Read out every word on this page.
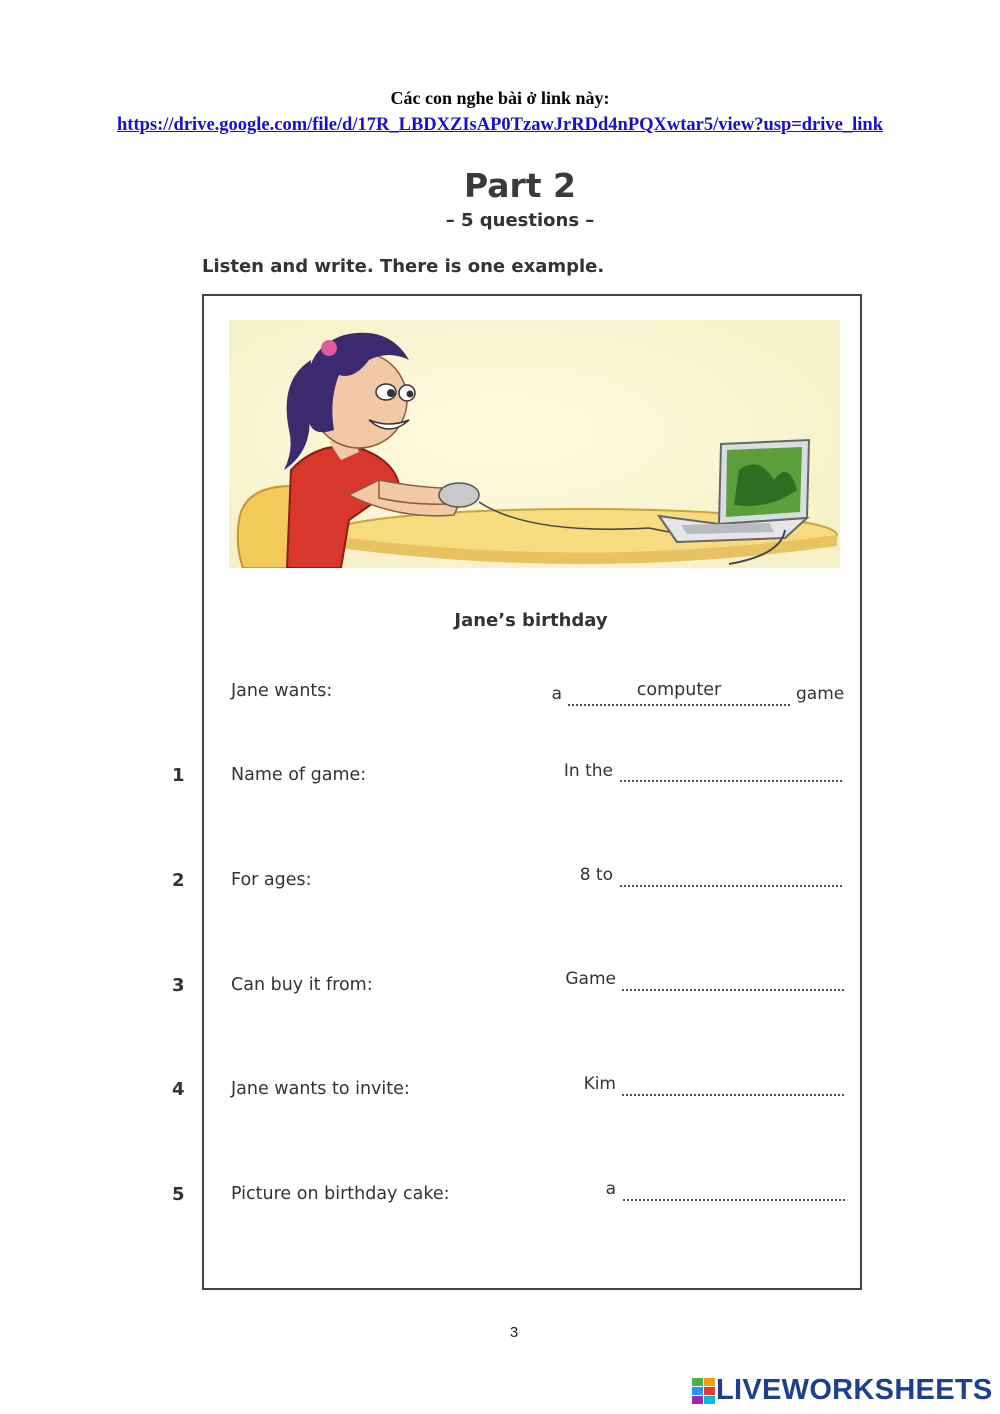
Các con nghe bài ở link này:
https://drive.google.com/file/d/17R_LBDXZIsAP0TzawJrRDd4nPQXwtar5/view?usp=drive_link
Part 2
– 5 questions –
Listen and write. There is one example.
Jane’s birthday
Jane wants:	a	computer	game
1	Name of game:	In the
2	For ages:	8 to
3	Can buy it from:	Game
4	Jane wants to invite:	Kim
5	Picture on birthday cake:	a
3
LIVEWORKSHEETS
